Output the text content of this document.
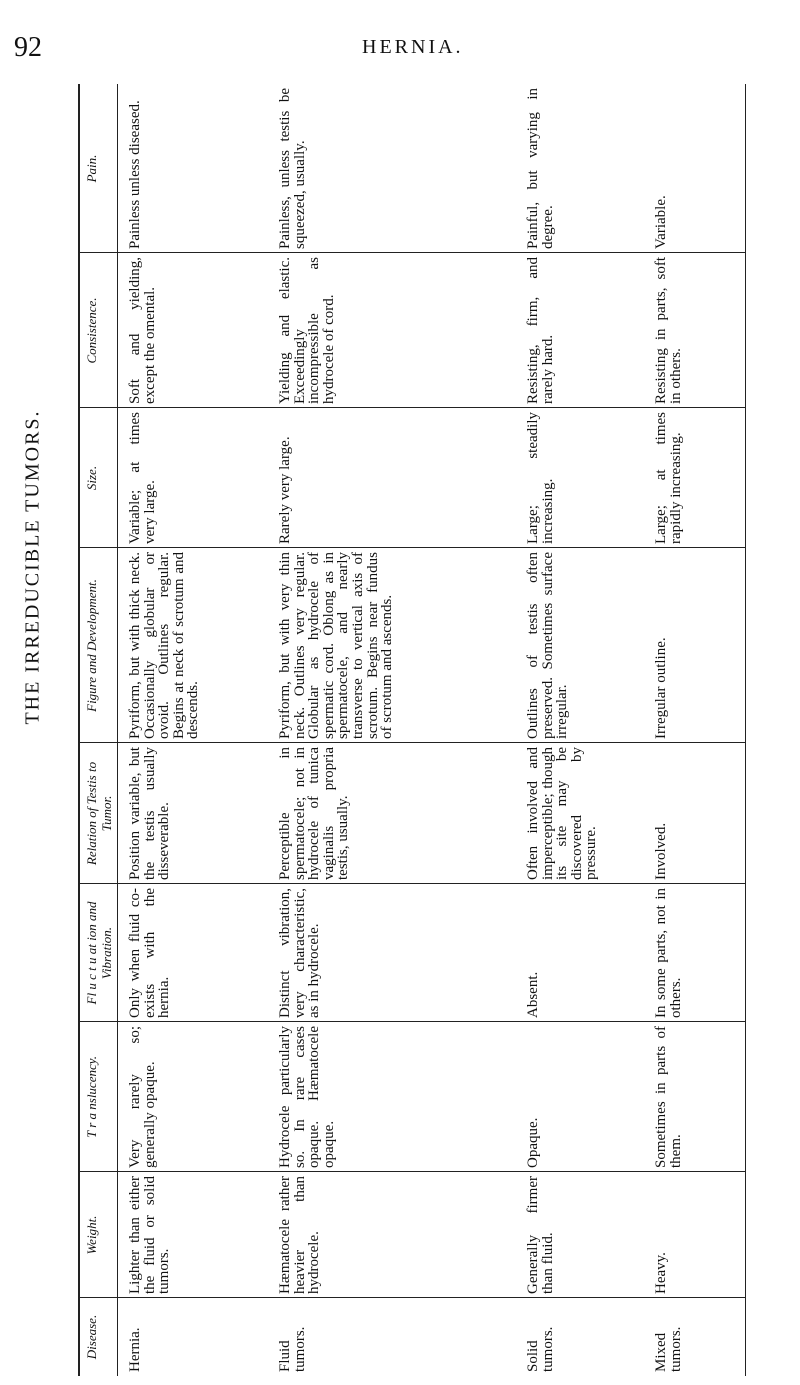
92	HERNIA.
THE IRREDUCIBLE TUMORS.
Disease.
Weight.
T r a nslucency.
Fl u c t u at ion and Vibration.
Relation of Testis to Tumor.
Figure and Development.
Size.
Consistence.
Pain.
Hernia.
Lighter than either the fluid or solid tumors.
Very rarely so; generally opaque.
Only when fluid co-exists with the hernia.
Position variable, but the testis usually disseverable.
Pyriform, but with thick neck. Occasionally globular or ovoid. Outlines regular. Begins at neck of scrotum and descends.
Variable; at times very large.
Soft and yielding, except the omental.
Painless unless diseased.
Fluid tumors.
Hæmatocele rather heavier than hydrocele.
Hydrocele particularly so. In rare cases opaque. Hæmatocele opaque.
Distinct vibration, very characteristic, as in hydrocele.
Perceptible in spermatocele; not in hydrocele of tunica vaginalis propria testis, usually.
Pyriform, but with very thin neck. Outlines very regular. Globular as hydrocele of spermatic cord. Oblong as in spermatocele, and nearly transverse to vertical axis of scrotum. Begins near fundus of scrotum and ascends.
Rarely very large.
Yielding and elastic. Exceedingly incompressible as hydrocele of cord.
Painless, unless testis be squeezed, usually.
Solid tumors.
Generally firmer than fluid.
Opaque.
Absent.
Often involved and imperceptible; though its site may be discovered by pressure.
Outlines of testis often preserved. Sometimes surface irregular.
Large; steadily increasing.
Resisting, firm, and rarely hard.
Painful, but varying in degree.
Mixed tumors.
Heavy.
Sometimes in parts of them.
In some parts, not in others.
Involved.
Irregular outline.
Large; at times rapidly increasing.
Resisting in parts, soft in others.
Variable.
